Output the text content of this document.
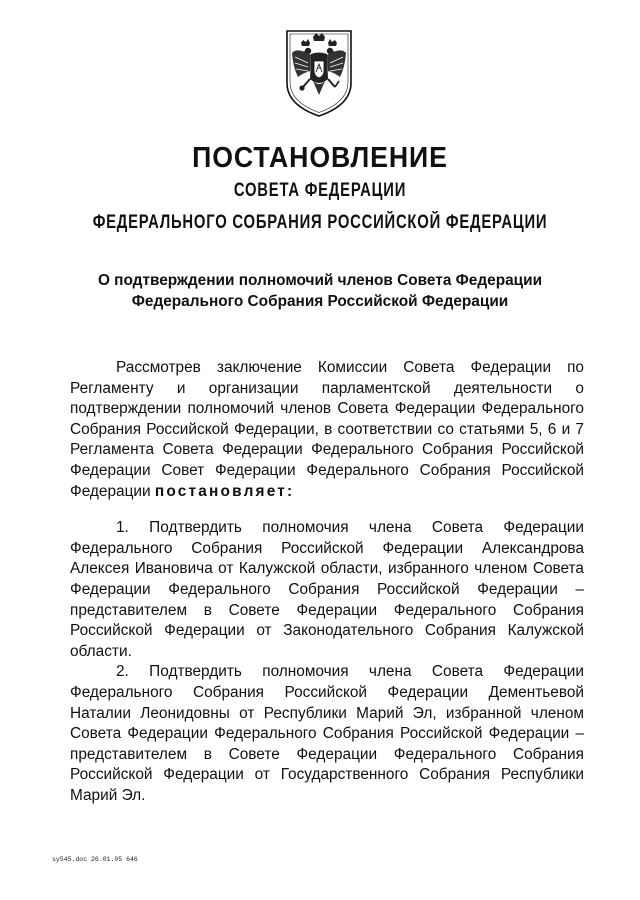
ПОСТАНОВЛЕНИЕ
СОВЕТА ФЕДЕРАЦИИ
ФЕДЕРАЛЬНОГО СОБРАНИЯ РОССИЙСКОЙ ФЕДЕРАЦИИ
О подтверждении полномочий членов Совета Федерации
Федерального Собрания Российской Федерации

Рассмотрев заключение Комиссии Совета Федерации по Регламенту и организации парламентской деятельности о подтверждении полномочий членов Совета Федерации Федерального Собрания Российской Федерации, в соответствии со статьями 5, 6 и 7 Регламента Совета Федерации Федерального Собрания Российской Федерации Совет Федерации Федерального Собрания Российской Федерации постановляет:

1. Подтвердить полномочия члена Совета Федерации Федерального Собрания Российской Федерации Александрова Алексея Ивановича от Калужской области, избранного членом Совета Федерации Федерального Собрания Российской Федерации – представителем в Совете Федерации Федерального Собрания Российской Федерации от Законодательного Собрания Калужской области.

2. Подтвердить полномочия члена Совета Федерации Федерального Собрания Российской Федерации Дементьевой Наталии Леонидовны от Республики Марий Эл, избранной членом Совета Федерации Федерального Собрания Российской Федерации – представителем в Совете Федерации Федерального Собрания Российской Федерации от Государственного Собрания Республики Марий Эл.

sy545.doc 26.01.05 646
